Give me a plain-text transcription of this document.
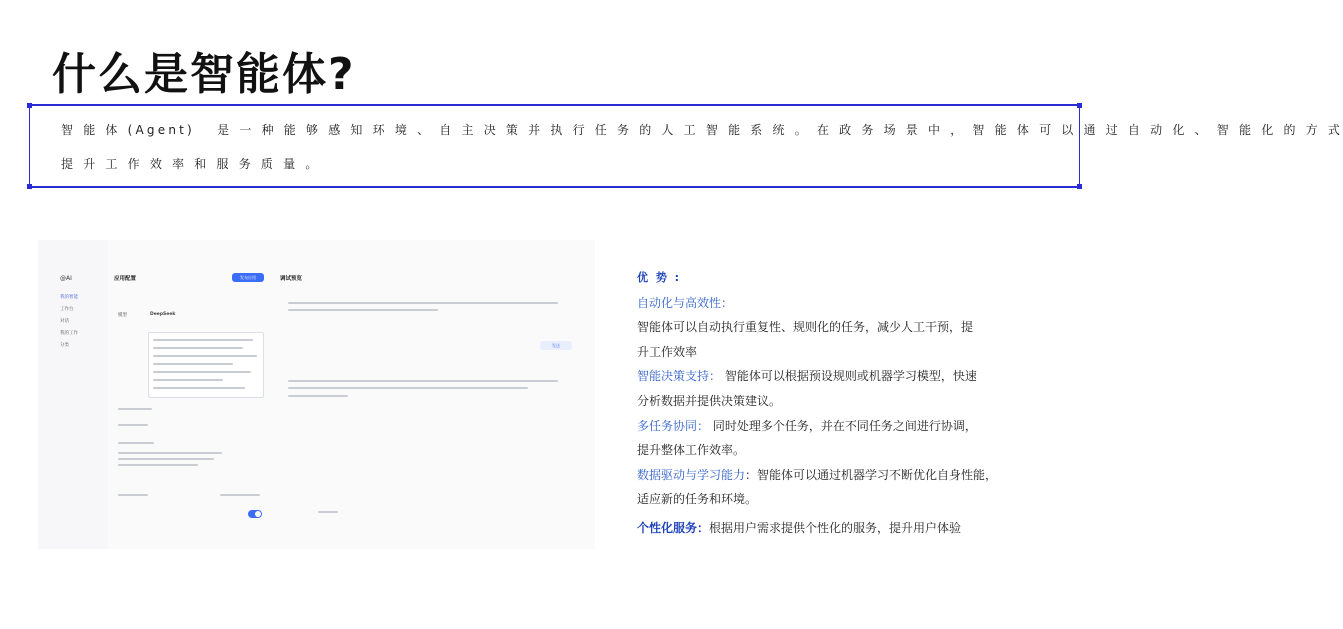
什么是智能体?
智 能 体 (Agent)　 是 一 种 能 够 感 知 环 境 、 自 主 决 策 并 执 行 任 务 的 人 工 智 能 系 统 。 在 政 务 场 景 中 ， 智 能 体 可 以 通 过 自 动 化 、 智 能 化 的 方 式
提 升 工 作 效 率 和 服 务 质 量 。
@AI
我的智能
工作台
对话
我的工作
分类
应用配置	发布应用
模型	DeepSeek
调试预览
发送
优 势 :
自动化与高效性：
智能体可以自动执行重复性、规则化的任务，减少人工干预，提
升工作效率
智能决策支持： 智能体可以根据预设规则或机器学习模型，快速
分析数据并提供决策建议。
多任务协同： 同时处理多个任务，并在不同任务之间进行协调，
提升整体工作效率。
数据驱动与学习能力：智能体可以通过机器学习不断优化自身性能，
适应新的任务和环境。
个性化服务：根据用户需求提供个性化的服务，提升用户体验
